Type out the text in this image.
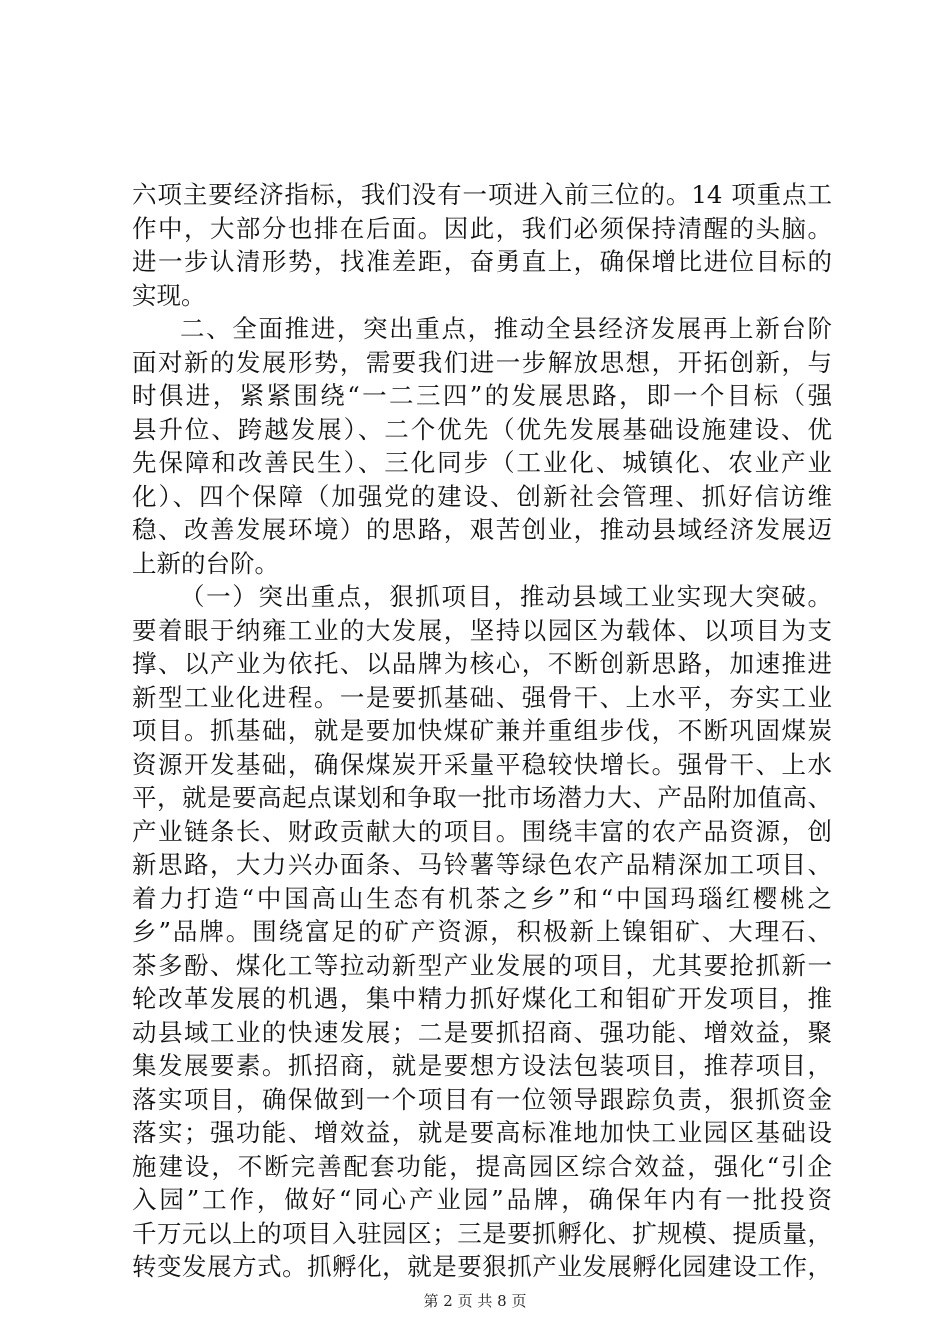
六项主要经济指标，我们没有一项进入前三位的。14 项重点工
作中，大部分也排在后面。因此，我们必须保持清醒的头脑。
进一步认清形势，找准差距，奋勇直上，确保增比进位目标的
实现。
二、全面推进，突出重点，推动全县经济发展再上新台阶
面对新的发展形势，需要我们进一步解放思想，开拓创新，与
时俱进，紧紧围绕“一二三四”的发展思路，即一个目标（强
县升位、跨越发展）、二个优先（优先发展基础设施建设、优
先保障和改善民生）、三化同步（工业化、城镇化、农业产业
化）、四个保障（加强党的建设、创新社会管理、抓好信访维
稳、改善发展环境）的思路，艰苦创业，推动县域经济发展迈
上新的台阶。
（一）突出重点，狠抓项目，推动县域工业实现大突破。
要着眼于纳雍工业的大发展，坚持以园区为载体、以项目为支
撑、以产业为依托、以品牌为核心，不断创新思路，加速推进
新型工业化进程。一是要抓基础、强骨干、上水平，夯实工业
项目。抓基础，就是要加快煤矿兼并重组步伐，不断巩固煤炭
资源开发基础，确保煤炭开采量平稳较快增长。强骨干、上水
平，就是要高起点谋划和争取一批市场潜力大、产品附加值高、
产业链条长、财政贡献大的项目。围绕丰富的农产品资源，创
新思路，大力兴办面条、马铃薯等绿色农产品精深加工项目、
着力打造“中国高山生态有机茶之乡”和“中国玛瑙红樱桃之
乡”品牌。围绕富足的矿产资源，积极新上镍钼矿、大理石、
茶多酚、煤化工等拉动新型产业发展的项目，尤其要抢抓新一
轮改革发展的机遇，集中精力抓好煤化工和钼矿开发项目，推
动县域工业的快速发展；二是要抓招商、强功能、增效益，聚
集发展要素。抓招商，就是要想方设法包装项目，推荐项目，
落实项目，确保做到一个项目有一位领导跟踪负责，狠抓资金
落实；强功能、增效益，就是要高标准地加快工业园区基础设
施建设，不断完善配套功能，提高园区综合效益，强化“引企
入园”工作，做好“同心产业园”品牌，确保年内有一批投资
千万元以上的项目入驻园区；三是要抓孵化、扩规模、提质量，
转变发展方式。抓孵化，就是要狠抓产业发展孵化园建设工作，
第 2 页 共 8 页
